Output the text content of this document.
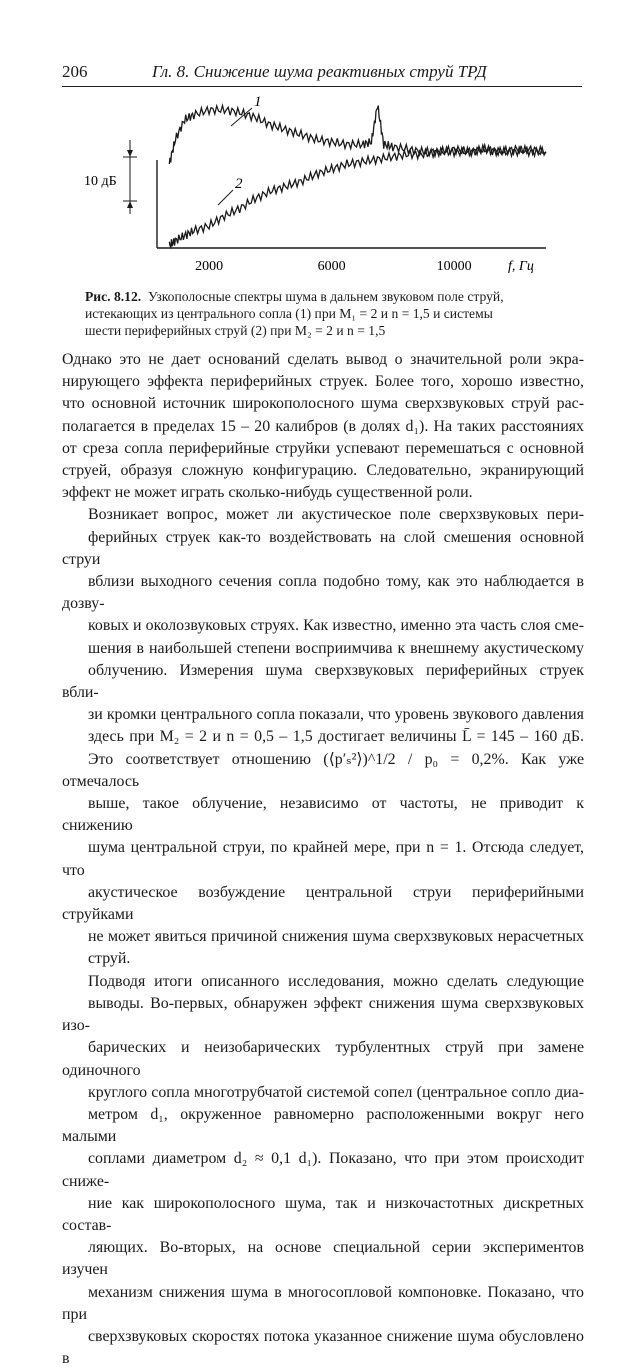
206	Гл. 8. Снижение шума реактивных струй ТРД
10 дБ
2000	6000	10000
1
2
f, Гц
Рис. 8.12. Узкополосные спектры шума в дальнем звуковом поле струй,
истекающих из центрального сопла (1) при M₁ = 2 и n = 1,5 и системы
шести периферийных струй (2) при M₂ = 2 и n = 1,5

Однако это не дает оснований сделать вывод о значительной роли экра-
нирующего эффекта периферийных струек. Более того, хорошо известно,
что основной источник широкополосного шума сверхзвуковых струй рас-
полагается в пределах 15 – 20 калибров (в долях d₁). На таких расстояниях
от среза сопла периферийные струйки успевают перемешаться с основной
струей, образуя сложную конфигурацию. Следовательно, экранирующий
эффект не может играть сколько-нибудь существенной роли.

Возникает вопрос, может ли акустическое поле сверхзвуковых пери-
ферийных струек как-то воздействовать на слой смешения основной струи
вблизи выходного сечения сопла подобно тому, как это наблюдается в дозву-
ковых и околозвуковых струях. Как известно, именно эта часть слоя сме-
шения в наибольшей степени восприимчива к внешнему акустическому
облучению. Измерения шума сверхзвуковых периферийных струек вбли-
зи кромки центрального сопла показали, что уровень звукового давления
здесь при M₂ = 2 и n = 0,5 – 1,5 достигает величины L̄ = 145 – 160 дБ.
Это соответствует отношению (⟨p′ₛ²⟩)^1/2 / p₀ = 0,2%. Как уже отмечалось
выше, такое облучение, независимо от частоты, не приводит к снижению
шума центральной струи, по крайней мере, при n = 1. Отсюда следует, что
акустическое возбуждение центральной струи периферийными струйками
не может явиться причиной снижения шума сверхзвуковых нерасчетных
струй.

Подводя итоги описанного исследования, можно сделать следующие
выводы. Во-первых, обнаружен эффект снижения шума сверхзвуковых изо-
барических и неизобарических турбулентных струй при замене одиночного
круглого сопла многотрубчатой системой сопел (центральное сопло диа-
метром d₁, окруженное равномерно расположенными вокруг него малыми
соплами диаметром d₂ ≈ 0,1 d₁). Показано, что при этом происходит сниже-
ние как широкополосного шума, так и низкочастотных дискретных состав-
ляющих. Во-вторых, на основе специальной серии экспериментов изучен
механизм снижения шума в многосопловой компоновке. Показано, что при
сверхзвуковых скоростях потока указанное снижение шума обусловлено в
